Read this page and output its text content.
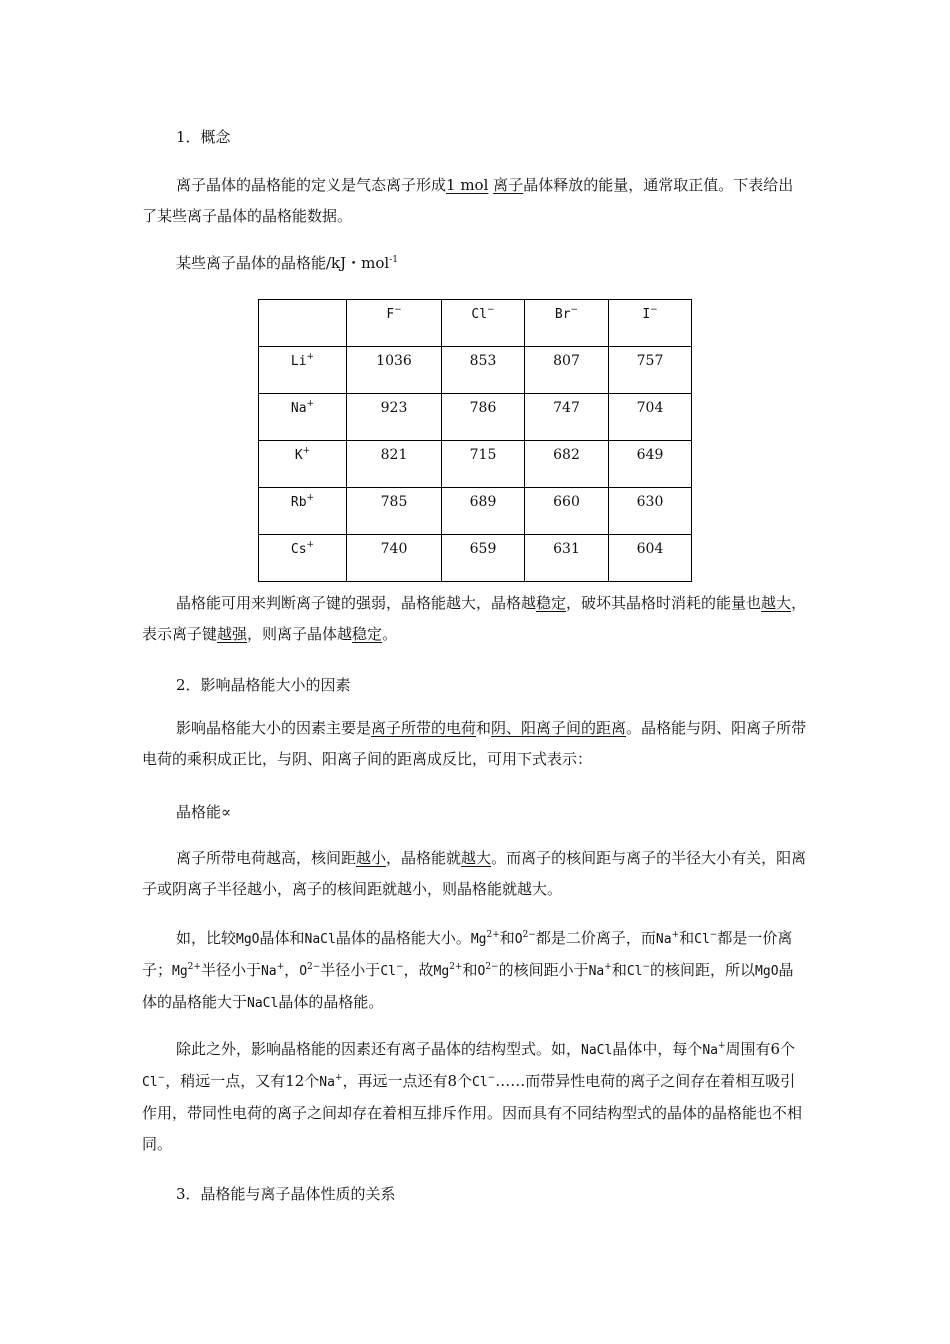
1．概念
离子晶体的晶格能的定义是气态离子形成1 mol 离子晶体释放的能量，通常取正值。下表给出了某些离子晶体的晶格能数据。
某些离子晶体的晶格能/kJ・mol$^{-1}$
	F−	Cl−	Br−	I−
Li+	1036	853	807	757
Na+	923	786	747	704
K+	821	715	682	649
Rb+	785	689	660	630
Cs+	740	659	631	604
晶格能可用来判断离子键的强弱，晶格能越大，晶格越稳定，破坏其晶格时消耗的能量也越大，表示离子键越强，则离子晶体越稳定。
2．影响晶格能大小的因素
影响晶格能大小的因素主要是离子所带的电荷和阴、阳离子间的距离。晶格能与阴、阳离子所带电荷的乘积成正比，与阴、阳离子间的距离成反比，可用下式表示：
晶格能∝
离子所带电荷越高，核间距越小，晶格能就越大。而离子的核间距与离子的半径大小有关，阳离子或阴离子半径越小，离子的核间距就越小，则晶格能就越大。
如，比较MgO晶体和NaCl晶体的晶格能大小。$Mg^{2+}$和$O^{2-}$都是二价离子，而Na+和Cl−都是一价离子；$Mg^{2+}$半径小于Na+，$O^{2-}$半径小于Cl−，故$Mg^{2+}$和$O^{2-}$的核间距小于Na+和Cl−的核间距，所以MgO晶体的晶格能大于NaCl晶体的晶格能。
除此之外，影响晶格能的因素还有离子晶体的结构型式。如，NaCl晶体中，每个Na+周围有6个Cl−，稍远一点，又有12个Na+，再远一点还有8个Cl−……而带异性电荷的离子之间存在着相互吸引作用，带同性电荷的离子之间却存在着相互排斥作用。因而具有不同结构型式的晶体的晶格能也不相同。
3．晶格能与离子晶体性质的关系
